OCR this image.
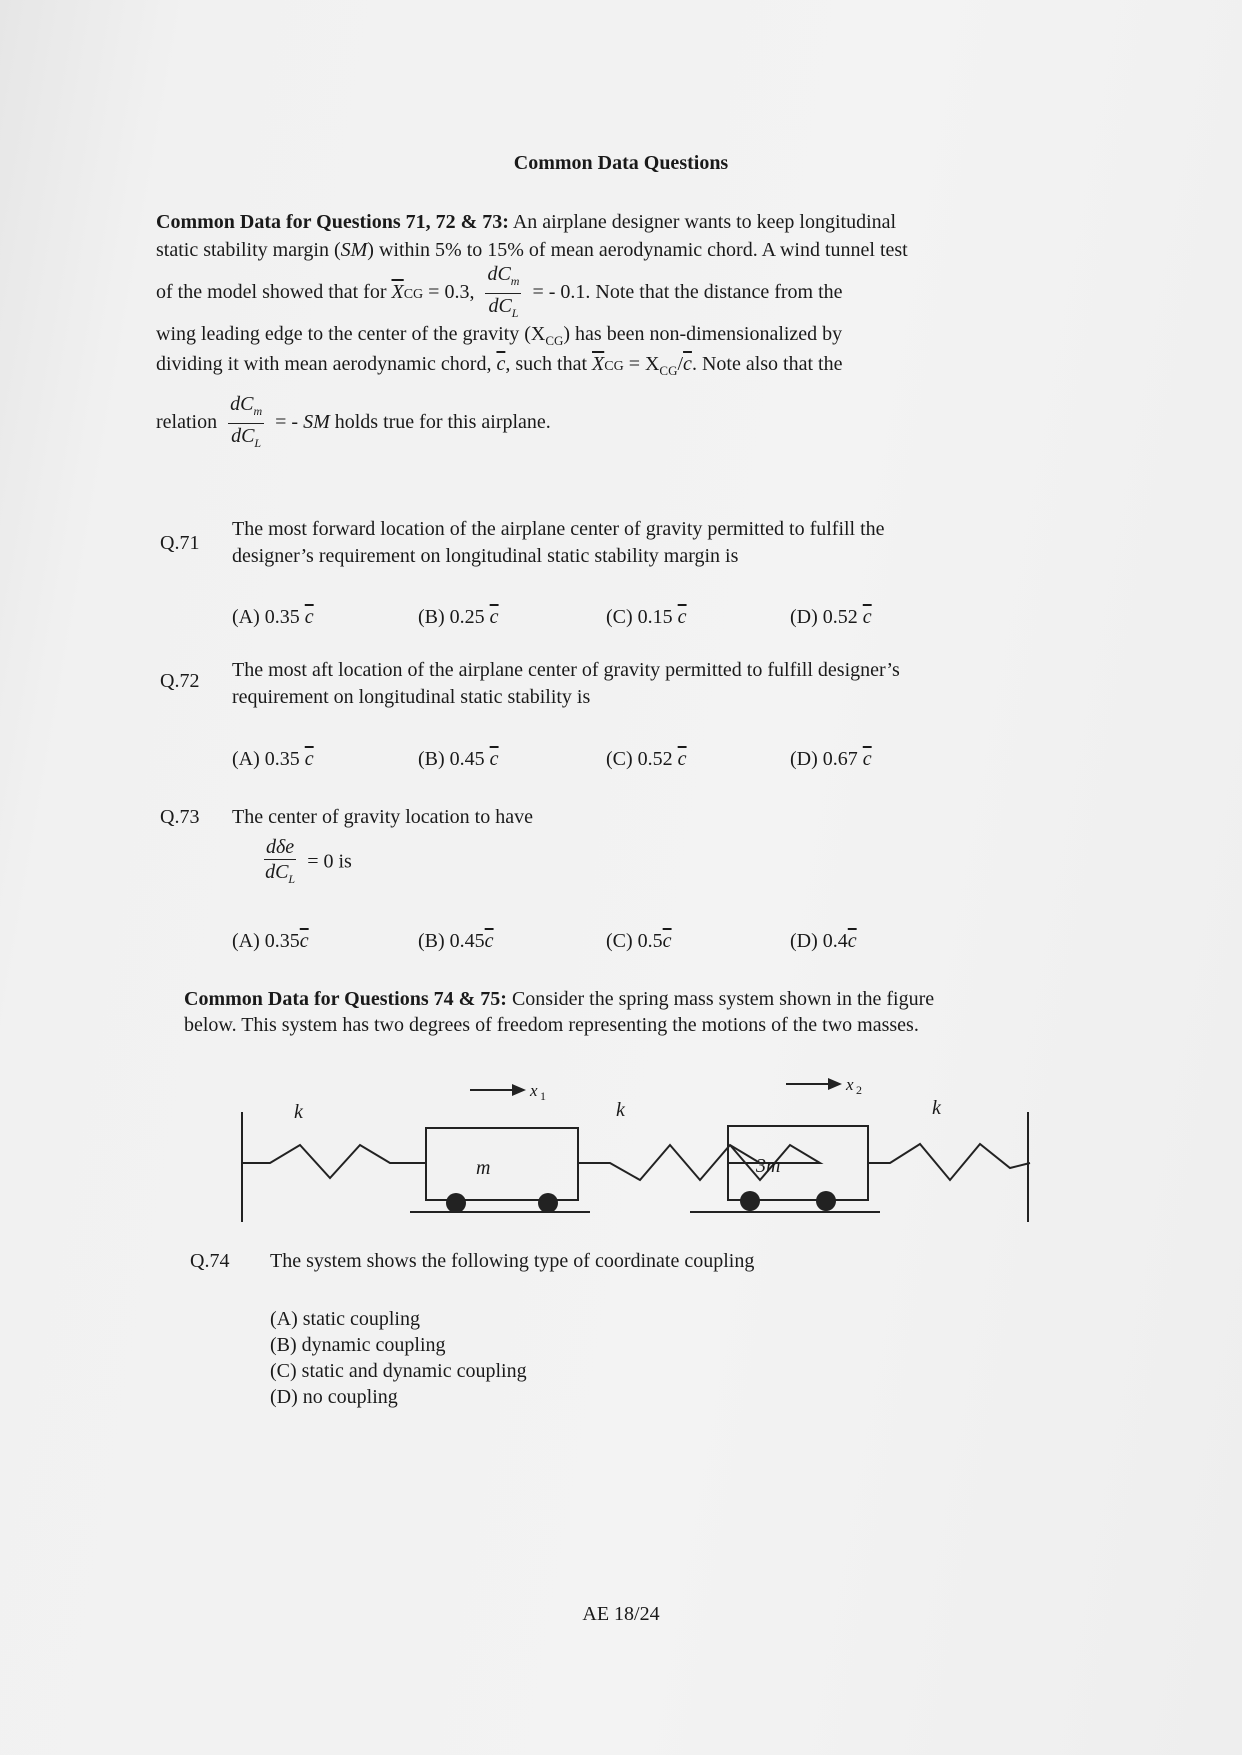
Common Data Questions
Common Data for Questions 71, 72 & 73: An airplane designer wants to keep longitudinal
static stability margin (SM) within 5% to 15% of mean aerodynamic chord. A wind tunnel test
of the model showed that for $\overline{X}CG = 0.3$, $\frac{dC_m}{dC_L}$ = - 0.1. Note that the distance from the
wing leading edge to the center of the gravity $(X_{CG})$ has been non-dimensionalized by
dividing it with mean aerodynamic chord, $\overline{c}$, such that $\overline{X}CG = X_{CG}/\overline{c}$. Note also that the
relation $\frac{dC_m}{dC_L}$ = - SM holds true for this airplane.
Q.71
The most forward location of the airplane center of gravity permitted to fulfill the designer’s requirement on longitudinal static stability margin is
(A) 0.35 $\overline{c}$	(B) 0.25 $\overline{c}$	(C) 0.15 $\overline{c}$	(D) 0.52 $\overline{c}$
Q.72 The most aft location of the airplane center of gravity permitted to fulfill designer’s requirement on longitudinal static stability is
(A) 0.35 $\overline{c}$	(B) 0.45 $\overline{c}$	(C) 0.52 $\overline{c}$	(D) 0.67 $\overline{c}$
Q.73 The center of gravity location to have
$\frac{\text{dδe}}{dC_L} = 0$ is
(A) $0.35\overline{c}$	(B) $0.45\overline{c}$	(C) $0.5\overline{c}$	(D) $0.4\overline{c}$
Common Data for Questions 74 & 75: Consider the spring mass system shown in the figure
below. This system has two degrees of freedom representing the motions of the two masses.
k	k	k
m	3m
x 1
x 2
Q.74 The system shows the following type of coordinate coupling
(A) static coupling
(B) dynamic coupling
(C) static and dynamic coupling
(D) no coupling
AE 18/24
